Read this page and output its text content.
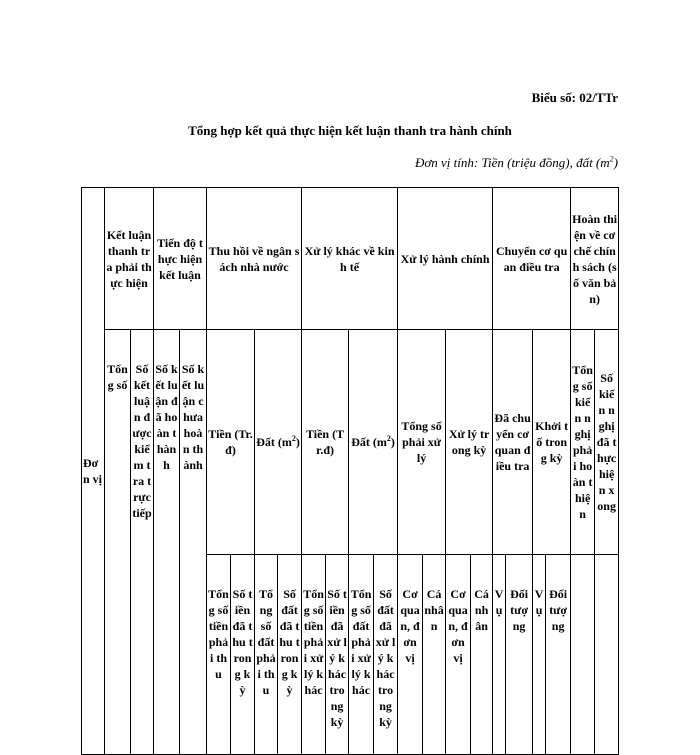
Biểu số: 02/TTr
Tổng hợp kết quả thực hiện kết luận thanh tra hành chính
Đơn vị tính: Tiền (triệu đồng), đất $(m^2)$
Đơn vị	Kết luận thanh tra phải thực hiện		Tiến độ thực hiện kết luận		Thu hồi về ngân sách nhà nước				Xử lý khác về kinh tế				Xử lý hành chính				Chuyển cơ quan điều tra				Hoàn thiện về cơ chế chính sách (số văn bản)	
	Tổng số	Số kết luận được kiểm tra trực tiếp	Số kết luận đã hoàn thành	Số kết luận chưa hoàn thành	Tiền (Tr.đ)		Đất $(m^2)$		Tiền (Tr.đ)		Đất $(m^2)$		Tổng số phải xử lý		Xử lý trong kỳ		Đã chuyển cơ quan điều tra		Khởi tố trong kỳ		Tổng số kiến nghị phải hoàn thiện	Số kiến nghị đã thực hiện xong
					Tổng số tiền phải thu	Số tiền đã thu trong kỳ	Tổng số đất phải thu	Số đất đã thu trong kỳ	Tổng số tiền phải xử lý khác	Số tiền đã xử lý khác trong kỳ	Tổng số đất phải xử lý khác	Số đất đã xử lý khác trong kỳ	Cơ quan, đơn vị	Cá nhân	Cơ quan, đơn vị	Cá nhân	Vụ	Đối tượng	Vụ	Đối tượng		
